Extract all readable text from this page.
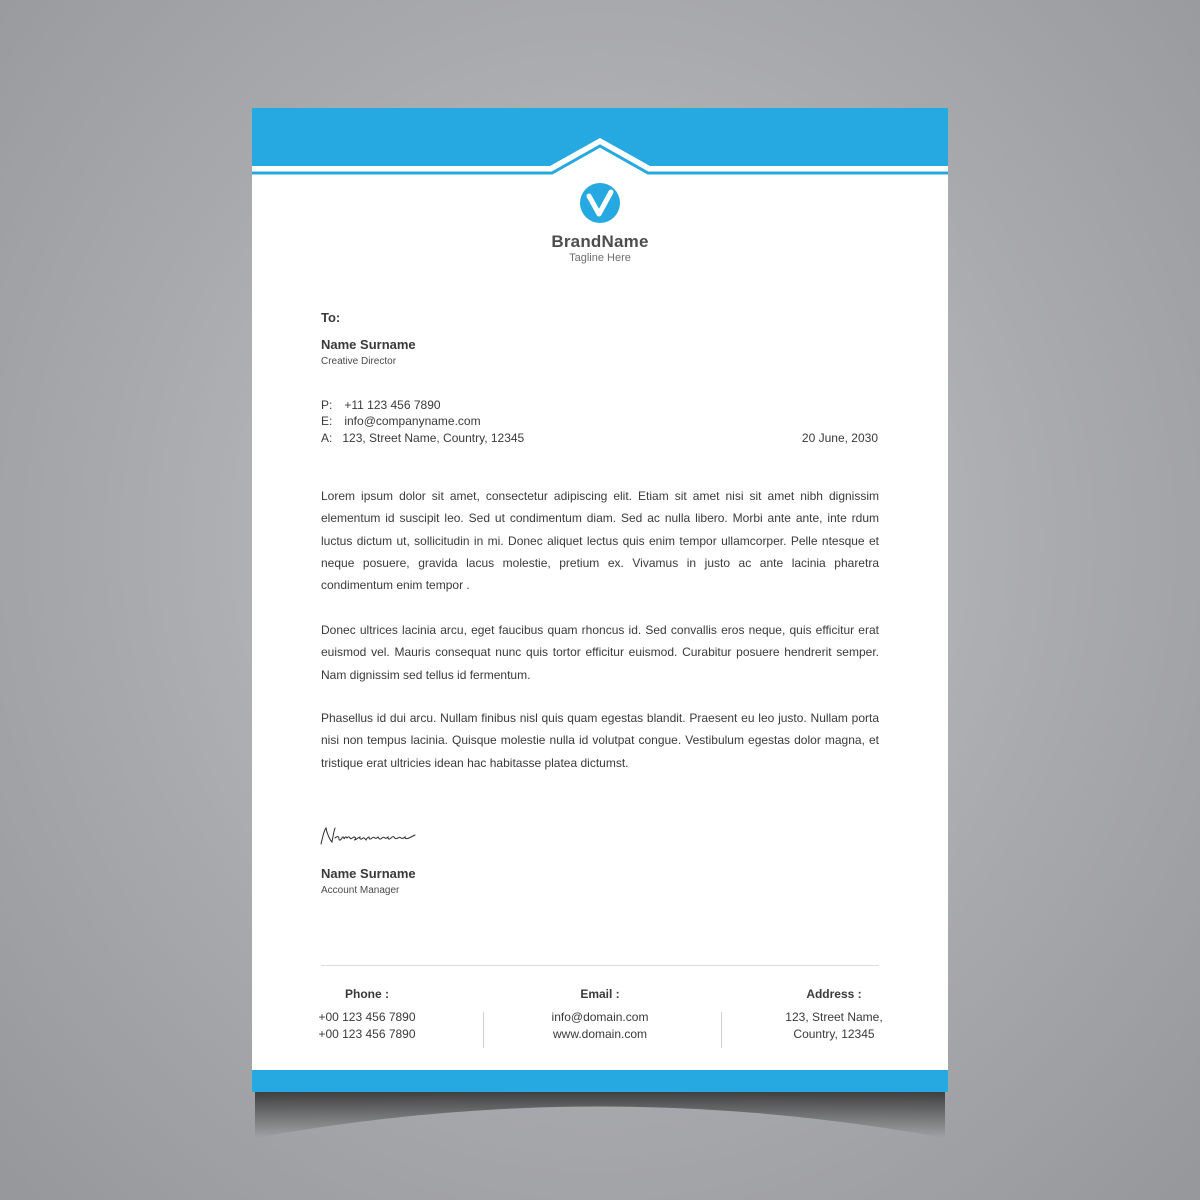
BrandName
Tagline Here
To:
Name Surname
Creative Director
P: +11 123 456 7890
E: info@companyname.com
A: 123, Street Name, Country, 12345	20 June, 2030

Lorem ipsum dolor sit amet, consectetur adipiscing elit. Etiam sit amet nisi sit amet nibh dignissim elementum id suscipit leo. Sed ut condimentum diam. Sed ac nulla libero. Morbi ante ante, inte rdum luctus dictum ut, sollicitudin in mi. Donec aliquet lectus quis enim tempor ullamcorper. Pelle ntesque et neque posuere, gravida lacus molestie, pretium ex. Vivamus in justo ac ante lacinia pharetra condimentum enim tempor .

Donec ultrices lacinia arcu, eget faucibus quam rhoncus id. Sed convallis eros neque, quis efficitur erat euismod vel. Mauris consequat nunc quis tortor efficitur euismod. Curabitur posuere hendrerit semper. Nam dignissim sed tellus id fermentum.

Phasellus id dui arcu. Nullam finibus nisl quis quam egestas blandit. Praesent eu leo justo. Nullam porta nisi non tempus lacinia. Quisque molestie nulla id volutpat congue. Vestibulum egestas dolor magna, et tristique erat ultricies idean hac habitasse platea dictumst.

Name Surname
Account Manager
Phone :
+00 123 456 7890
+00 123 456 7890
Email :
info@domain.com
www.domain.com
Address :
123, Street Name,
Country, 12345
